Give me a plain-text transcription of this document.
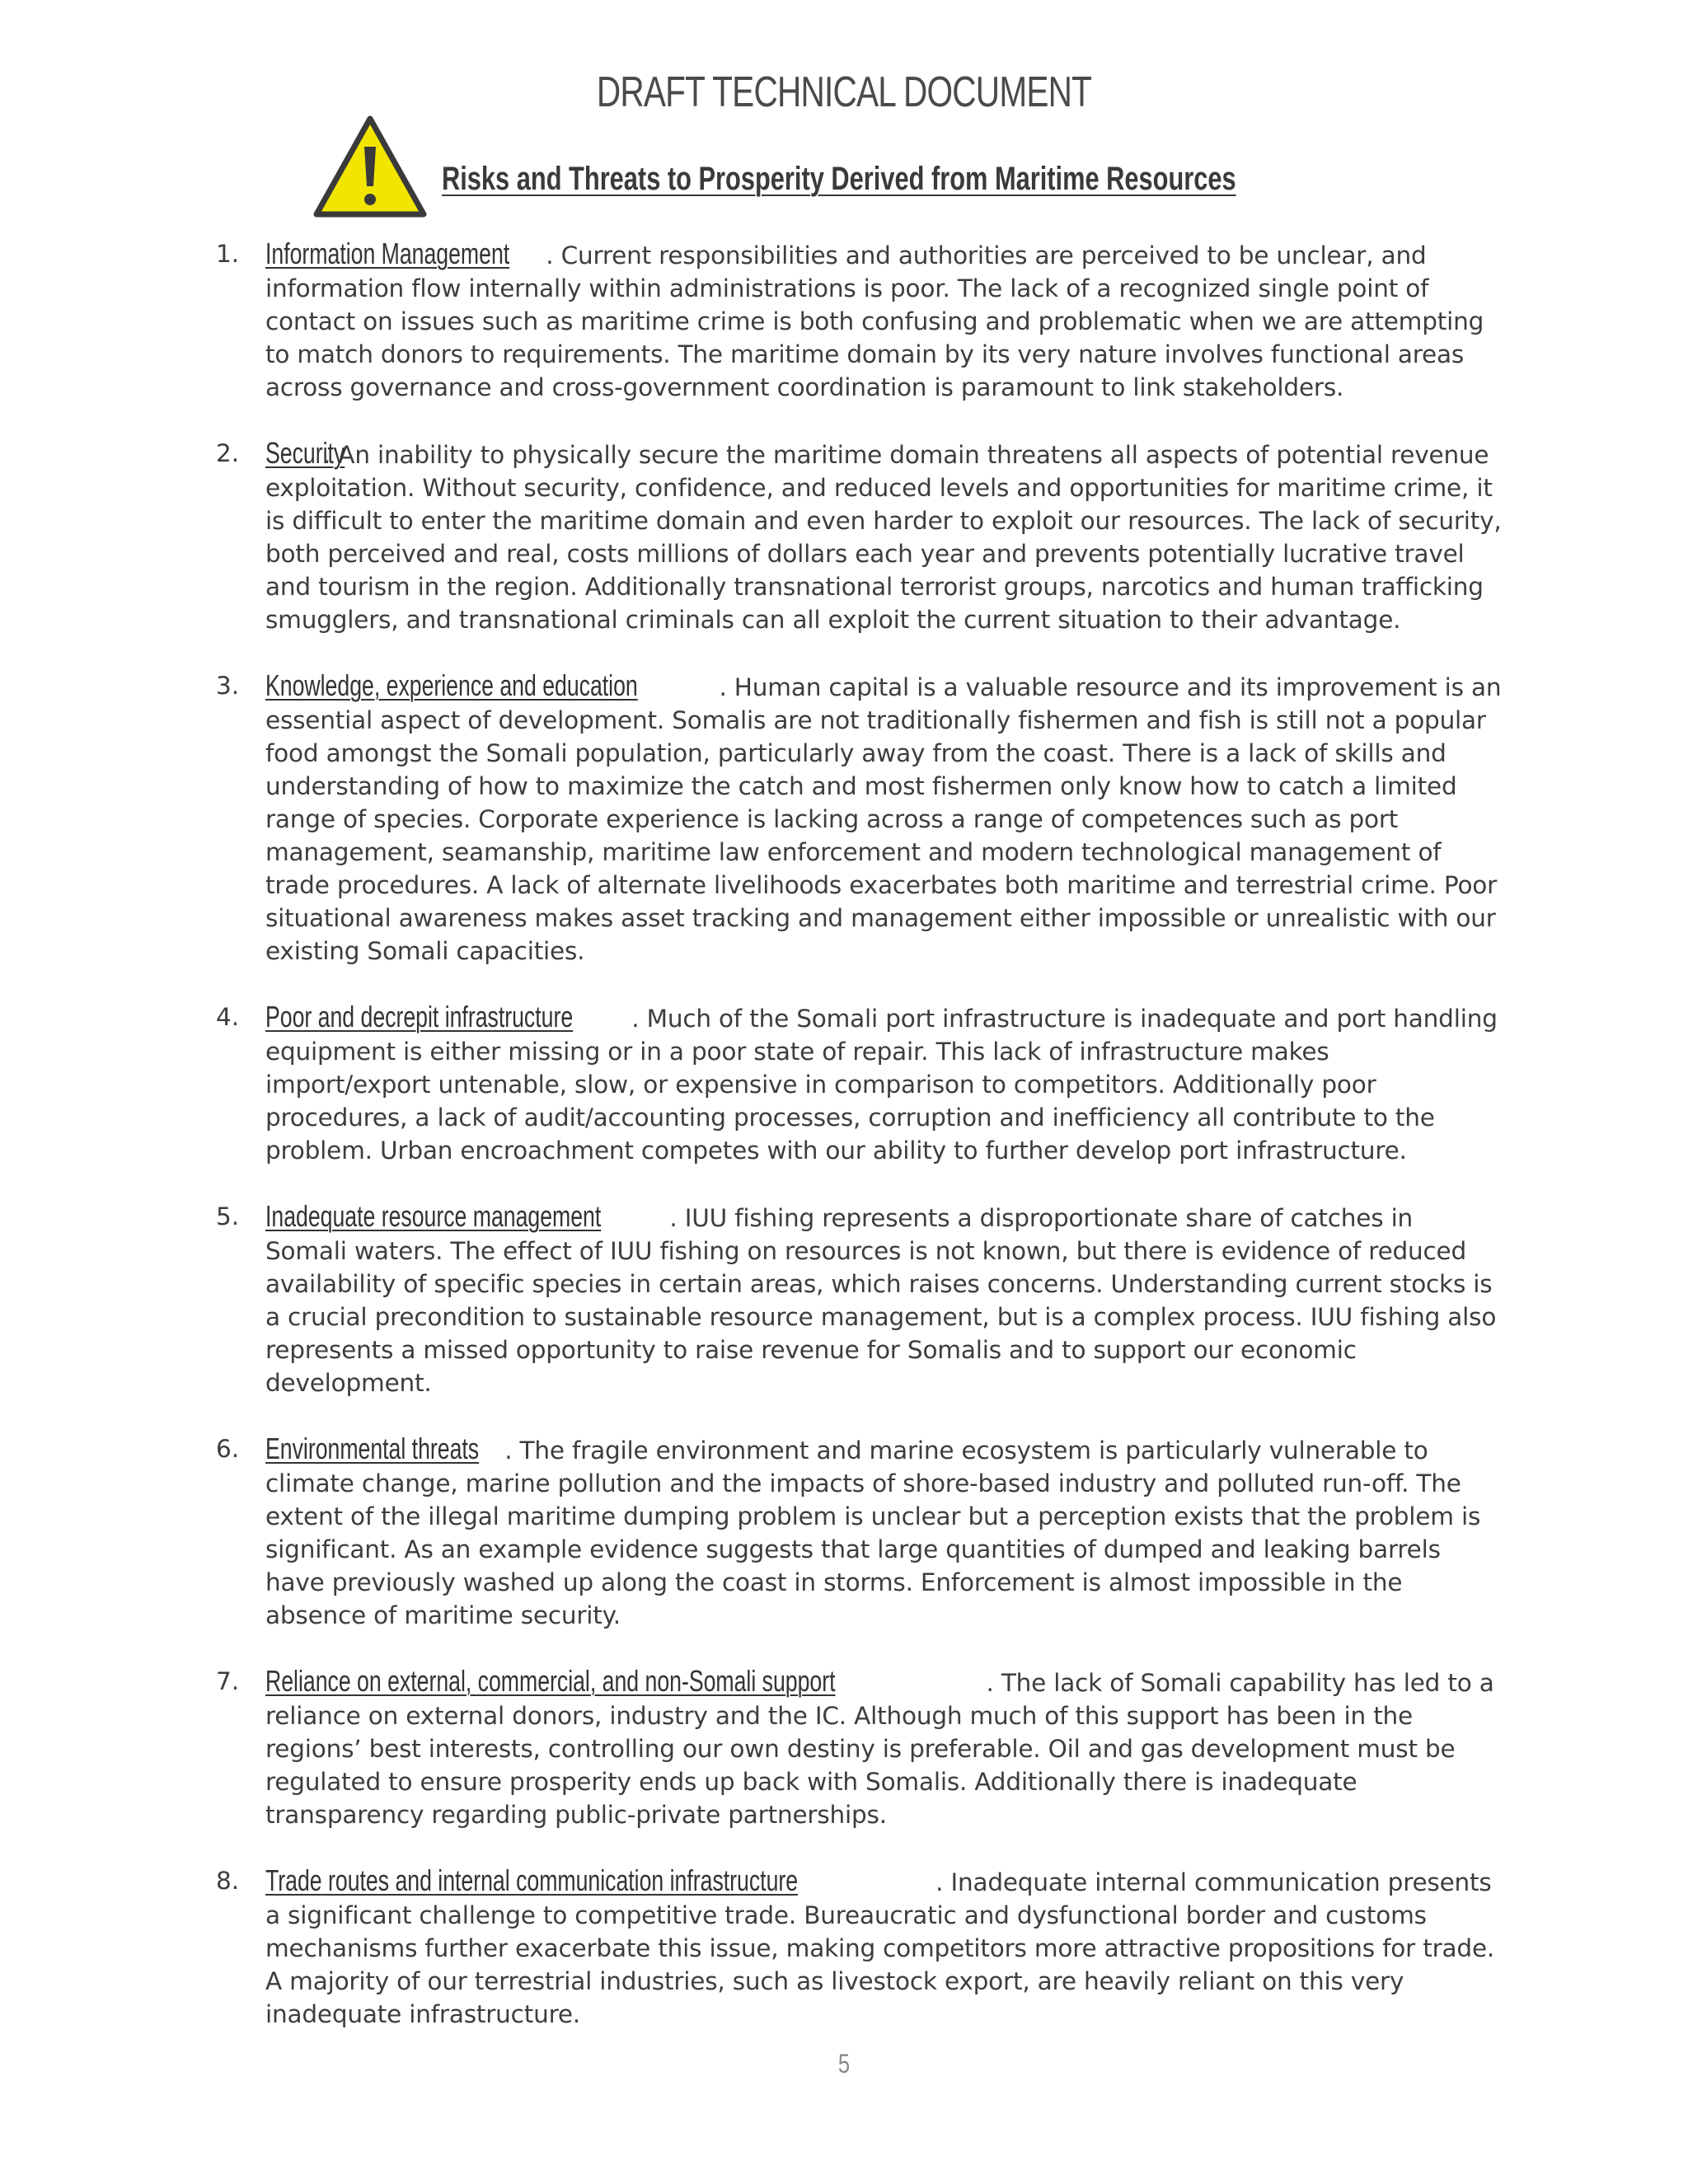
DRAFT TECHNICAL DOCUMENT
Risks and Threats to Prosperity Derived from Maritime Resources
1. Information Management . Current responsibilities and authorities are perceived to be unclear, and information flow internally within administrations is poor. The lack of a recognized single point of contact on issues such as maritime crime is both confusing and problematic when we are attempting to match donors to requirements. The maritime domain by its very nature involves functional areas across governance and cross-government coordination is paramount to link stakeholders.
2. Security. An inability to physically secure the maritime domain threatens all aspects of potential revenue exploitation. Without security, confidence, and reduced levels and opportunities for maritime crime, it is difficult to enter the maritime domain and even harder to exploit our resources. The lack of security, both perceived and real, costs millions of dollars each year and prevents potentially lucrative travel and tourism in the region. Additionally transnational terrorist groups, narcotics and human trafficking smugglers, and transnational criminals can all exploit the current situation to their advantage.
3. Knowledge, experience and education	. Human capital is a valuable resource and its improvement is an essential aspect of development. Somalis are not traditionally fishermen and fish is still not a popular food amongst the Somali population, particularly away from the coast. There is a lack of skills and understanding of how to maximize the catch and most fishermen only know how to catch a limited range of species. Corporate experience is lacking across a range of competences such as port management, seamanship, maritime law enforcement and modern technological management of trade procedures. A lack of alternate livelihoods exacerbates both maritime and terrestrial crime. Poor situational awareness makes asset tracking and management either impossible or unrealistic with our existing Somali capacities.
4. Poor and decrepit infrastructure . Much of the Somali port infrastructure is inadequate and port handling equipment is either missing or in a poor state of repair. This lack of infrastructure makes import/export untenable, slow, or expensive in comparison to competitors. Additionally poor procedures, a lack of audit/accounting processes, corruption and inefficiency all contribute to the problem. Urban encroachment competes with our ability to further develop port infrastructure.
5. Inadequate resource management	. IUU fishing represents a disproportionate share of catches in Somali waters. The effect of IUU fishing on resources is not known, but there is evidence of reduced availability of specific species in certain areas, which raises concerns. Understanding current stocks is a crucial precondition to sustainable resource management, but is a complex process. IUU fishing also represents a missed opportunity to raise revenue for Somalis and to support our economic development.
6. Environmental threats . The fragile environment and marine ecosystem is particularly vulnerable to climate change, marine pollution and the impacts of shore-based industry and polluted run-off. The extent of the illegal maritime dumping problem is unclear but a perception exists that the problem is significant. As an example evidence suggests that large quantities of dumped and leaking barrels have previously washed up along the coast in storms. Enforcement is almost impossible in the absence of maritime security.
7. Reliance on external, commercial, and non-Somali support	. The lack of Somali capability has led to a reliance on external donors, industry and the IC. Although much of this support has been in the regions’ best interests, controlling our own destiny is preferable. Oil and gas development must be regulated to ensure prosperity ends up back with Somalis. Additionally there is inadequate transparency regarding public-private partnerships.
8. Trade routes and internal communication infrastructure	. Inadequate internal communication presents a significant challenge to competitive trade. Bureaucratic and dysfunctional border and customs mechanisms further exacerbate this issue, making competitors more attractive propositions for trade. A majority of our terrestrial industries, such as livestock export, are heavily reliant on this very inadequate infrastructure.
5
